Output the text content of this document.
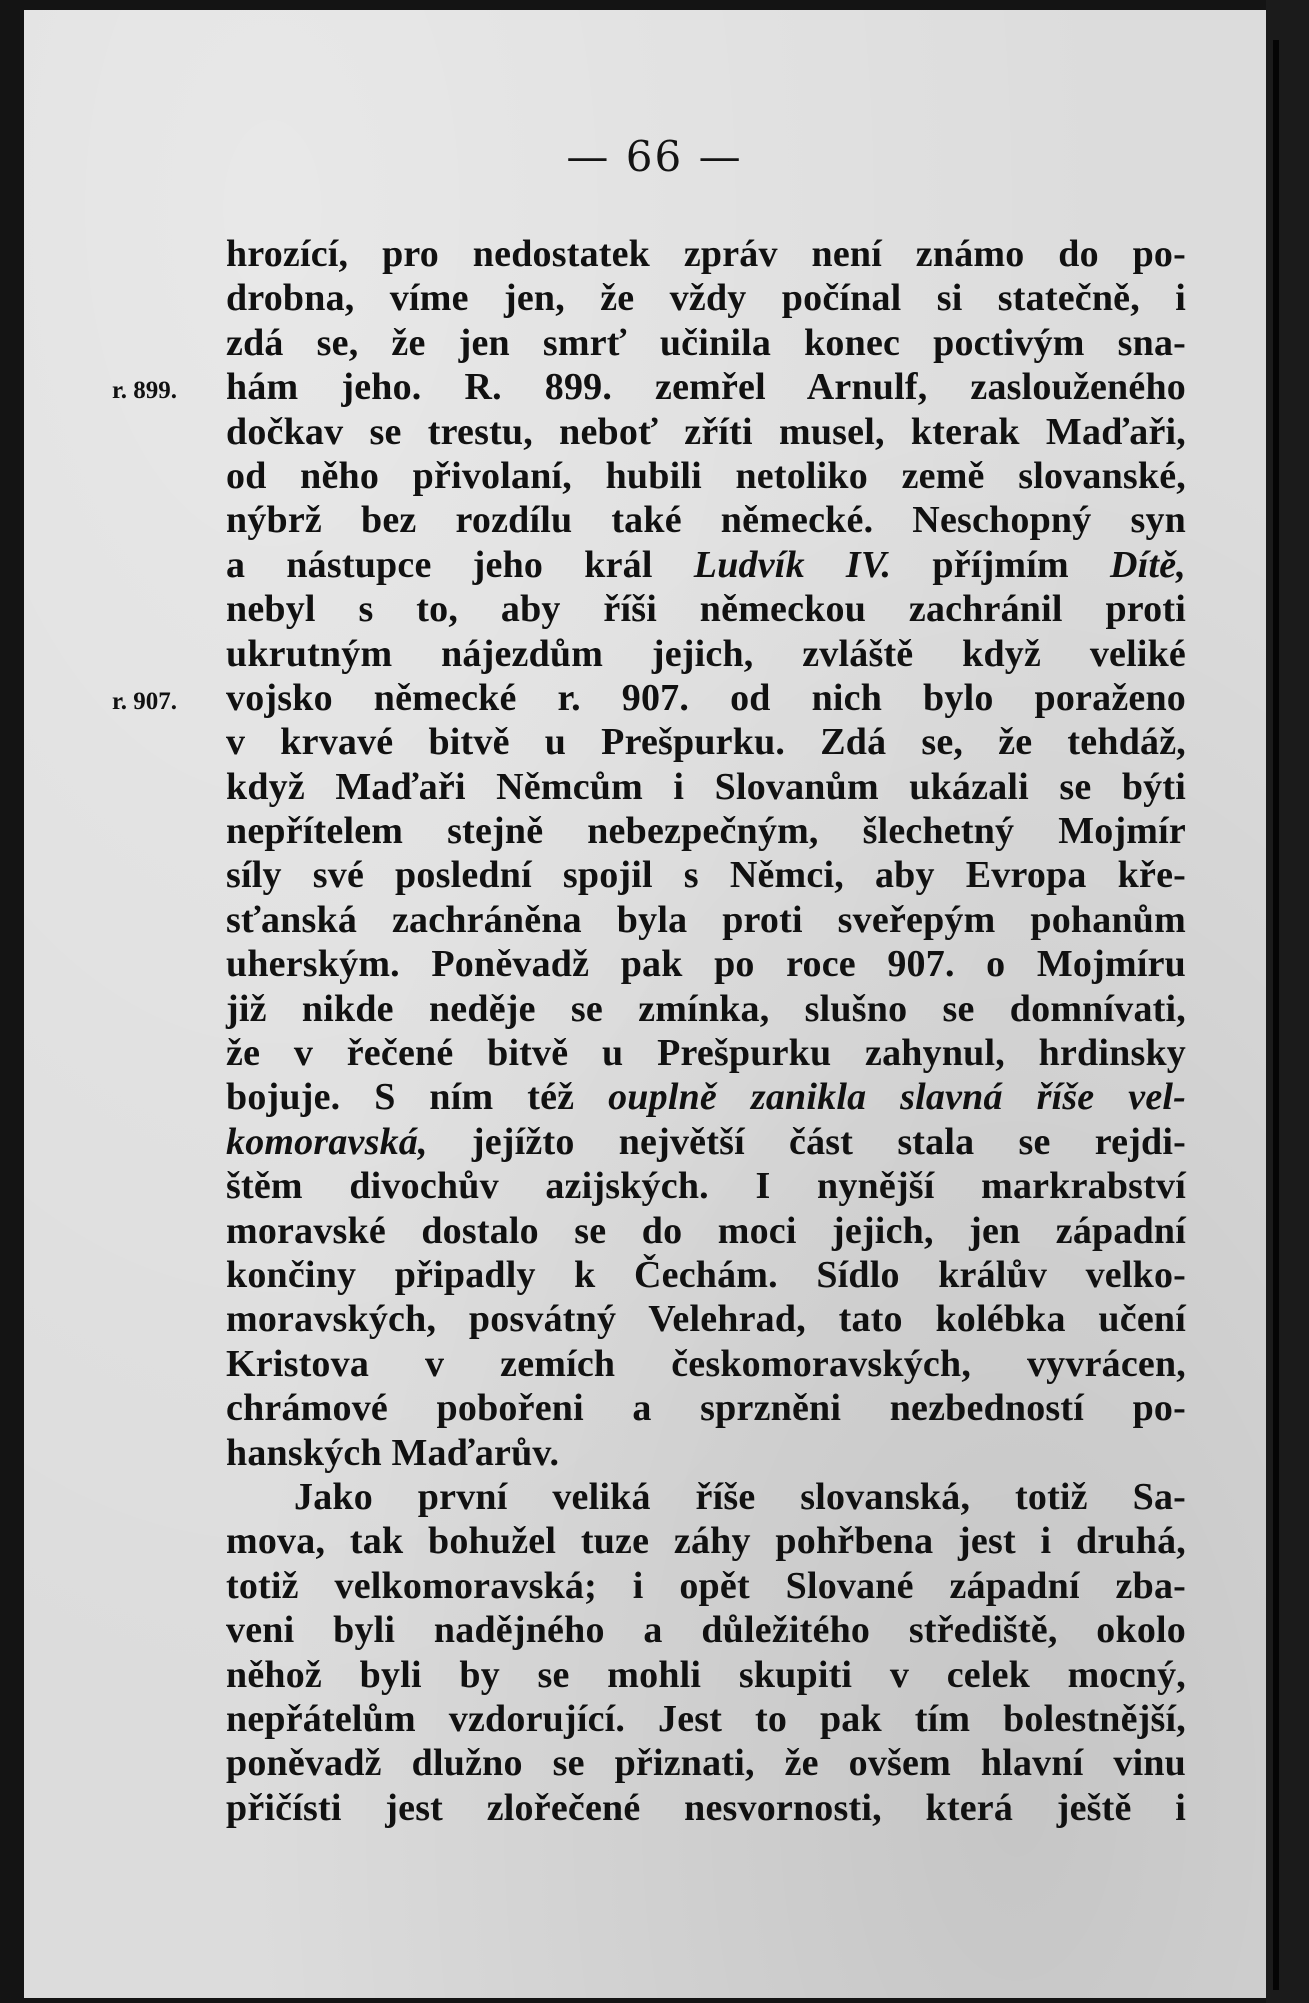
— 66 —
r. 899.
r. 907.
hrozící, pro nedostatek zpráv není známo do po-
drobna, víme jen, že vždy počínal si statečně, i
zdá se, že jen smrť učinila konec poctivým sna-
hám jeho. R. 899. zemřel Arnulf, zaslouženého
dočkav se trestu, neboť zříti musel, kterak Maďaři,
od něho přivolaní, hubili netoliko země slovanské,
nýbrž bez rozdílu také německé. Neschopný syn
a nástupce jeho král Ludvík IV. příjmím Dítě,
nebyl s to, aby říši německou zachránil proti
ukrutným nájezdům jejich, zvláště když veliké
vojsko německé r. 907. od nich bylo poraženo
v krvavé bitvě u Prešpurku. Zdá se, že tehdáž,
když Maďaři Němcům i Slovanům ukázali se býti
nepřítelem stejně nebezpečným, šlechetný Mojmír
síly své poslední spojil s Němci, aby Evropa kře-
sťanská zachráněna byla proti sveřepým pohanům
uherským. Poněvadž pak po roce 907. o Mojmíru
již nikde neděje se zmínka, slušno se domnívati,
že v řečené bitvě u Prešpurku zahynul, hrdinsky
bojuje. S ním též ouplně zanikla slavná říše vel-
komoravská, jejížto největší část stala se rejdi-
štěm divochův azijských. I nynější markrabství
moravské dostalo se do moci jejich, jen západní
končiny připadly k Čechám. Sídlo králův velko-
moravských, posvátný Velehrad, tato kolébka učení
Kristova v zemích českomoravských, vyvrácen,
chrámové pobořeni a sprzněni nezbedností po-
hanských Maďarův.
Jako první veliká říše slovanská, totiž Sa-
mova, tak bohužel tuze záhy pohřbena jest i druhá,
totiž velkomoravská; i opět Slované západní zba-
veni byli nadějného a důležitého střediště, okolo
něhož byli by se mohli skupiti v celek mocný,
nepřátelům vzdorující. Jest to pak tím bolestnější,
poněvadž dlužno se přiznati, že ovšem hlavní vinu
přičísti jest zlořečené nesvornosti, která ještě i
